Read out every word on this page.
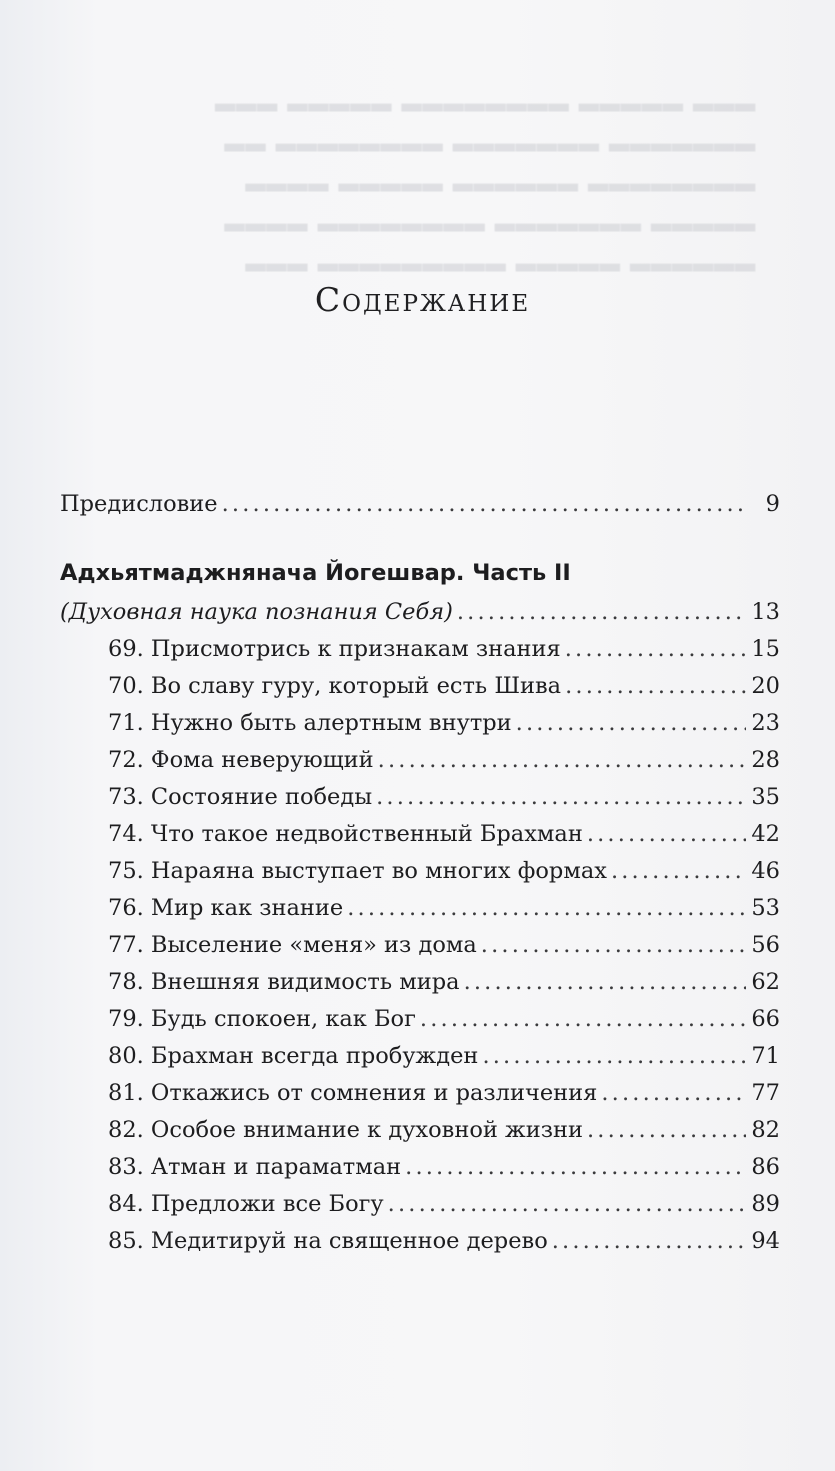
▂▂▂ ▂▂▂▂▂ ▂▂▂▂▂▂▂▂ ▂▂▂▂▂ ▂▂▂
▂▂▂▂▂▂▂ ▂▂▂▂▂▂▂ ▂▂▂▂▂▂▂▂ ▂▂
▂▂▂▂▂▂▂▂ ▂▂▂▂▂▂ ▂▂▂▂▂ ▂▂▂▂
▂▂▂▂▂ ▂▂▂▂▂▂▂ ▂▂▂▂▂▂▂▂ ▂▂▂▂
▂▂▂▂▂▂ ▂▂▂▂▂ ▂▂▂▂▂▂▂▂▂ ▂▂▂
Содержание
Предисловие . . .	9
Адхьятмаджнянача Йогешвар. Часть II
(Духовная наука познания Себя) . . .	13
69. Присмотрись к признакам знания . . .	15
70. Во славу гуру, который есть Шива . . .	20
71. Нужно быть алертным внутри . . .	23
72. Фома неверующий . . .	28
73. Состояние победы . . .	35
74. Что такое недвойственный Брахман . . .	42
75. Нараяна выступает во многих формах . . .	46
76. Мир как знание . . .	53
77. Выселение «меня» из дома . . .	56
78. Внешняя видимость мира . . .	62
79. Будь спокоен, как Бог . . .	66
80. Брахман всегда пробужден . . .	71
81. Откажись от сомнения и различения . . .	77
82. Особое внимание к духовной жизни . . .	82
83. Атман и параматман . . .	86
84. Предложи все Богу . . .	89
85. Медитируй на священное дерево . . .	94
